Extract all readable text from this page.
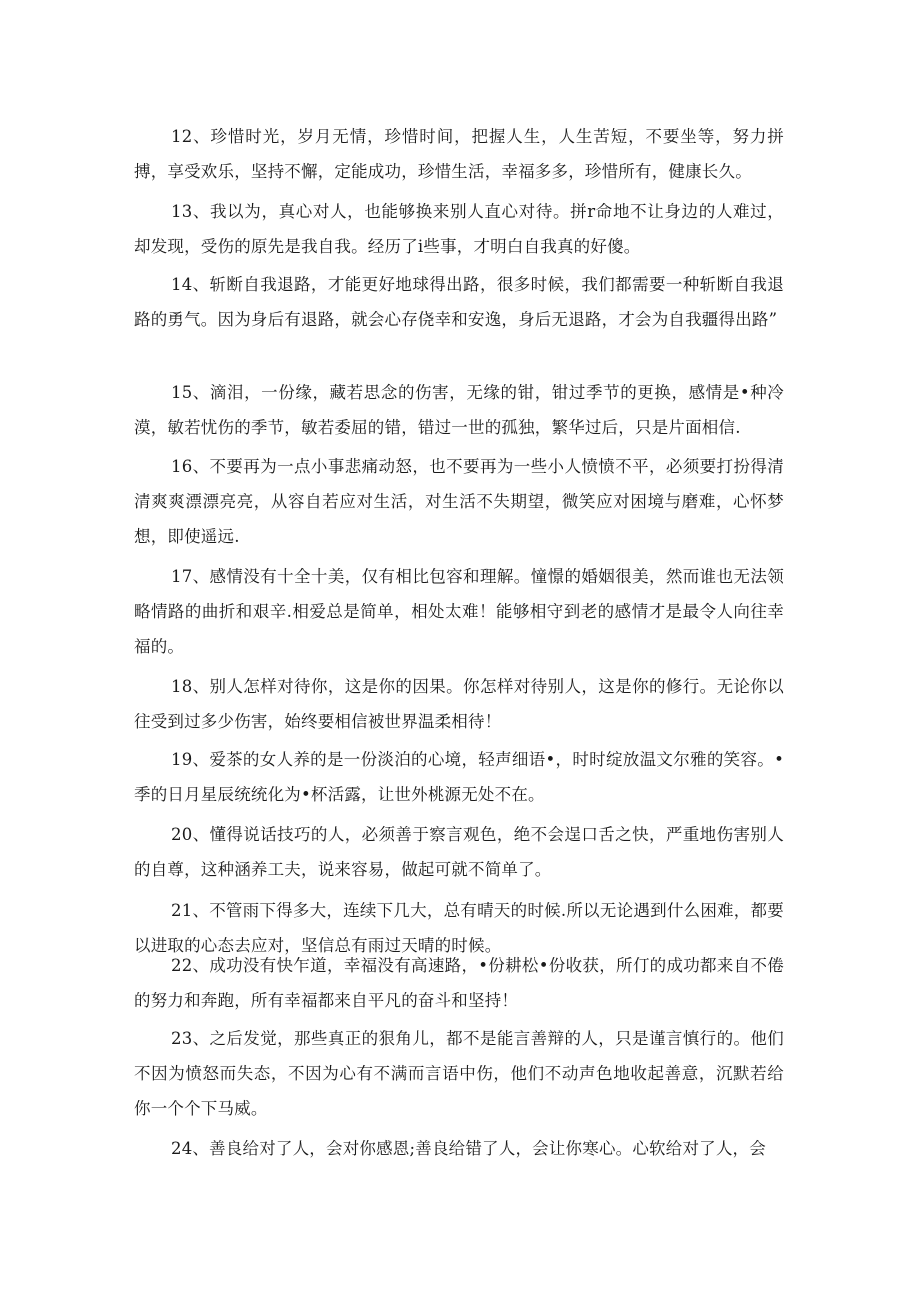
12、珍惜时光，岁月无情，珍惜时间，把握人生，人生苦短，不要坐等，努力拼搏，享受欢乐，坚持不懈，定能成功，珍惜生活，幸福多多，珍惜所有，健康长久。

13、我以为，真心对人，也能够换来别人直心对待。拼r命地不让身边的人难过，却发现，受伤的原先是我自我。经历了i些事，才明白自我真的好傻。

14、斩断自我退路，才能更好地球得出路，很多时候，我们都需要一种斩断自我退路的勇气。因为身后有退路，就会心存侥幸和安逸，身后无退路，才会为自我疆得出路”

15、滴泪，一份缘，藏若思念的伤害，无缘的钳，钳过季节的更换，感情是•种冷漠，敏若忧伤的季节，敏若委屈的错，错过一世的孤独，繁华过后，只是片面相信.

16、不要再为一点小事悲痛动怒，也不要再为一些小人愤愤不平，必须要打扮得清清爽爽漂漂亮亮，从容自若应对生活，对生活不失期望，微笑应对困境与磨难，心怀梦想，即使遥远.

17、感情没有十全十美，仅有相比包容和理解。憧憬的婚姻很美，然而谁也无法领略情路的曲折和艰辛.相爱总是简单，相处太难！能够相守到老的感情才是最令人向往幸福的。

18、别人怎样对待你，这是你的因果。你怎样对待别人，这是你的修行。无论你以往受到过多少伤害，始终要相信被世界温柔相待！

19、爱茶的女人养的是一份淡泊的心境，轻声细语•，时时绽放温文尔雅的笑容。•季的日月星辰统统化为•杯活露，让世外桃源无处不在。

20、懂得说话技巧的人，必须善于察言观色，绝不会逞口舌之快，严重地伤害别人的自尊，这种涵养工夫，说来容易，做起可就不简单了。

21、不管雨下得多大，连续下几大，总有晴天的时候.所以无论遇到什么困难，都要以进取的心态去应对，坚信总有雨过天晴的时候。

22、成功没有快乍道，幸福没有高速路，•份耕松•份收获，所仃的成功都来自不倦的努力和奔跑，所有幸福都来自平凡的奋斗和坚持！

23、之后发觉，那些真正的狠角儿，都不是能言善辩的人，只是谨言慎行的。他们不因为愤怒而失态，不因为心有不满而言语中伤，他们不动声色地收起善意，沉默若给你一个个下马威。

24、善良给对了人，会对你感恩;善良给错了人，会让你寒心。心软给对了人，会
